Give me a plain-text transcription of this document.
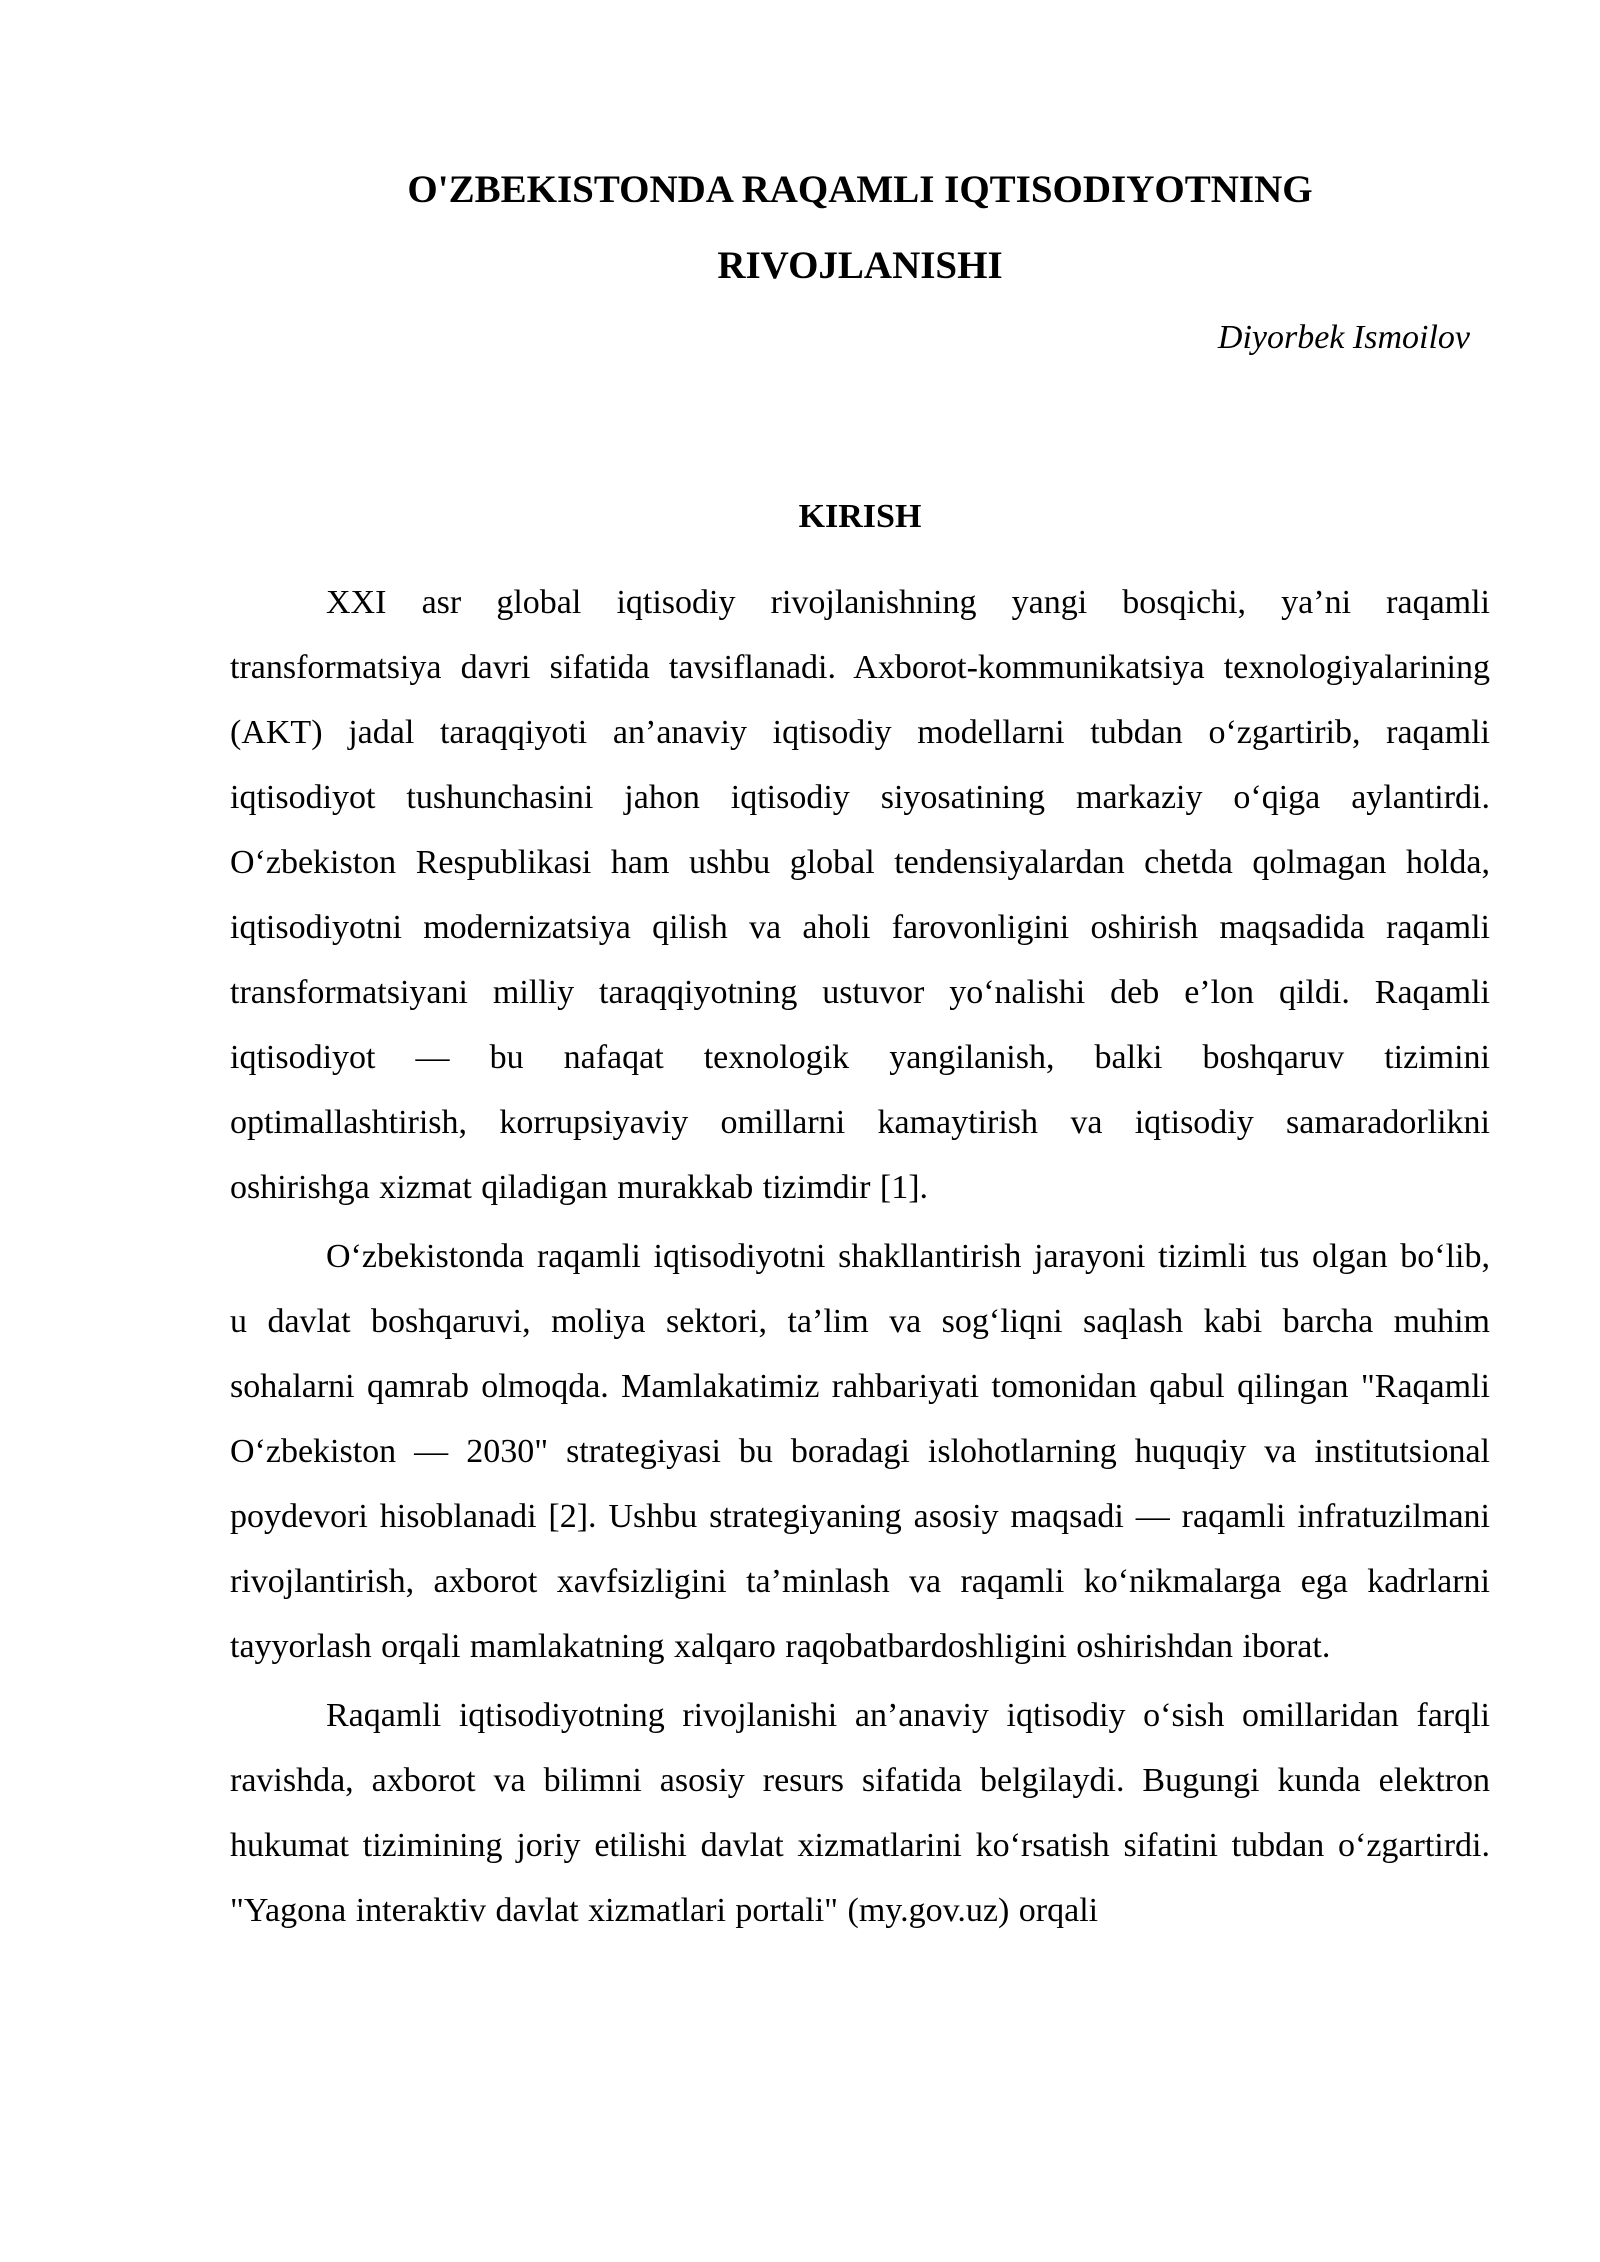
O'ZBEKISTONDA RAQAMLI IQTISODIYOTNING
RIVOJLANISHI

Diyorbek Ismoilov

KIRISH

XXI asr global iqtisodiy rivojlanishning yangi bosqichi, ya’ni raqamli transformatsiya davri sifatida tavsiflanadi. Axborot-kommunikatsiya texnologiyalarining (AKT) jadal taraqqiyoti an’anaviy iqtisodiy modellarni tubdan o‘zgartirib, raqamli iqtisodiyot tushunchasini jahon iqtisodiy siyosatining markaziy o‘qiga aylantirdi. O‘zbekiston Respublikasi ham ushbu global tendensiyalardan chetda qolmagan holda, iqtisodiyotni modernizatsiya qilish va aholi farovonligini oshirish maqsadida raqamli transformatsiyani milliy taraqqiyotning ustuvor yo‘nalishi deb e’lon qildi. Raqamli iqtisodiyot — bu nafaqat texnologik yangilanish, balki boshqaruv tizimini optimallashtirish, korrupsiyaviy omillarni kamaytirish va iqtisodiy samaradorlikni oshirishga xizmat qiladigan murakkab tizimdir [1].

O‘zbekistonda raqamli iqtisodiyotni shakllantirish jarayoni tizimli tus olgan bo‘lib, u davlat boshqaruvi, moliya sektori, ta’lim va sog‘liqni saqlash kabi barcha muhim sohalarni qamrab olmoqda. Mamlakatimiz rahbariyati tomonidan qabul qilingan "Raqamli O‘zbekiston — 2030" strategiyasi bu boradagi islohotlarning huquqiy va institutsional poydevori hisoblanadi [2]. Ushbu strategiyaning asosiy maqsadi — raqamli infratuzilmani rivojlantirish, axborot xavfsizligini ta’minlash va raqamli ko‘nikmalarga ega kadrlarni tayyorlash orqali mamlakatning xalqaro raqobatbardoshligini oshirishdan iborat.

Raqamli iqtisodiyotning rivojlanishi an’anaviy iqtisodiy o‘sish omillaridan farqli ravishda, axborot va bilimni asosiy resurs sifatida belgilaydi. Bugungi kunda elektron hukumat tizimining joriy etilishi davlat xizmatlarini ko‘rsatish sifatini tubdan o‘zgartirdi. "Yagona interaktiv davlat xizmatlari portali" (my.gov.uz) orqali
